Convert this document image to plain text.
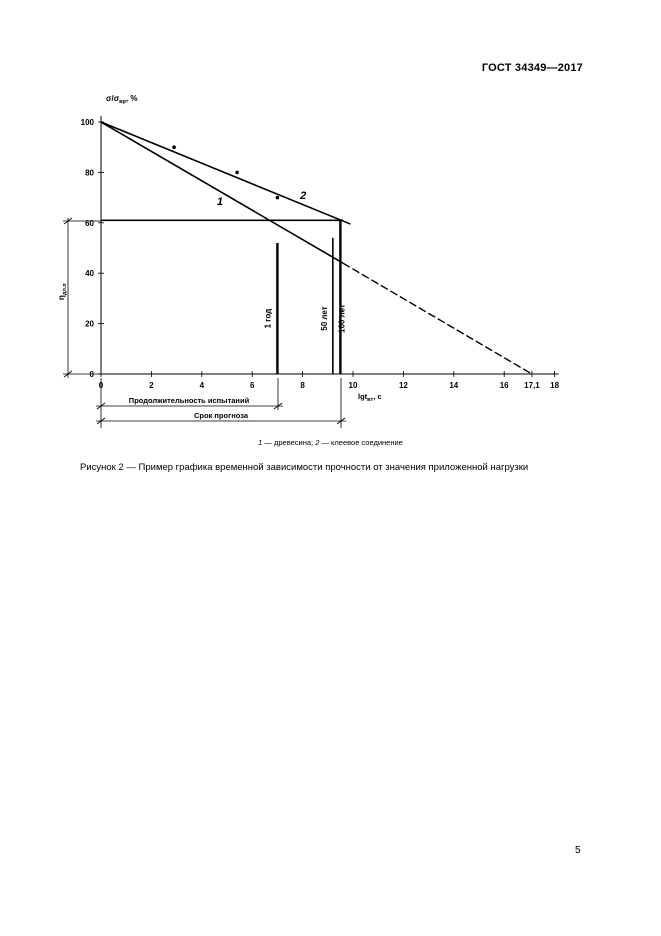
ГОСТ 34349—2017
$\sigma/\sigma_{вр}$, %
lgt$_{вт}$, c
$\eta_{дл.п}$
Продолжительность испытаний
Срок прогноза
0
20
40
60
80
100
0	2	4	6	8	10	12	14	16 17,1 18
1
2
1 год	50 лет 100 лет
1 — древесина; 2 — клеевое соединение
Рисунок 2 — Пример графика временной зависимости прочности от значения приложенной нагрузки
5
